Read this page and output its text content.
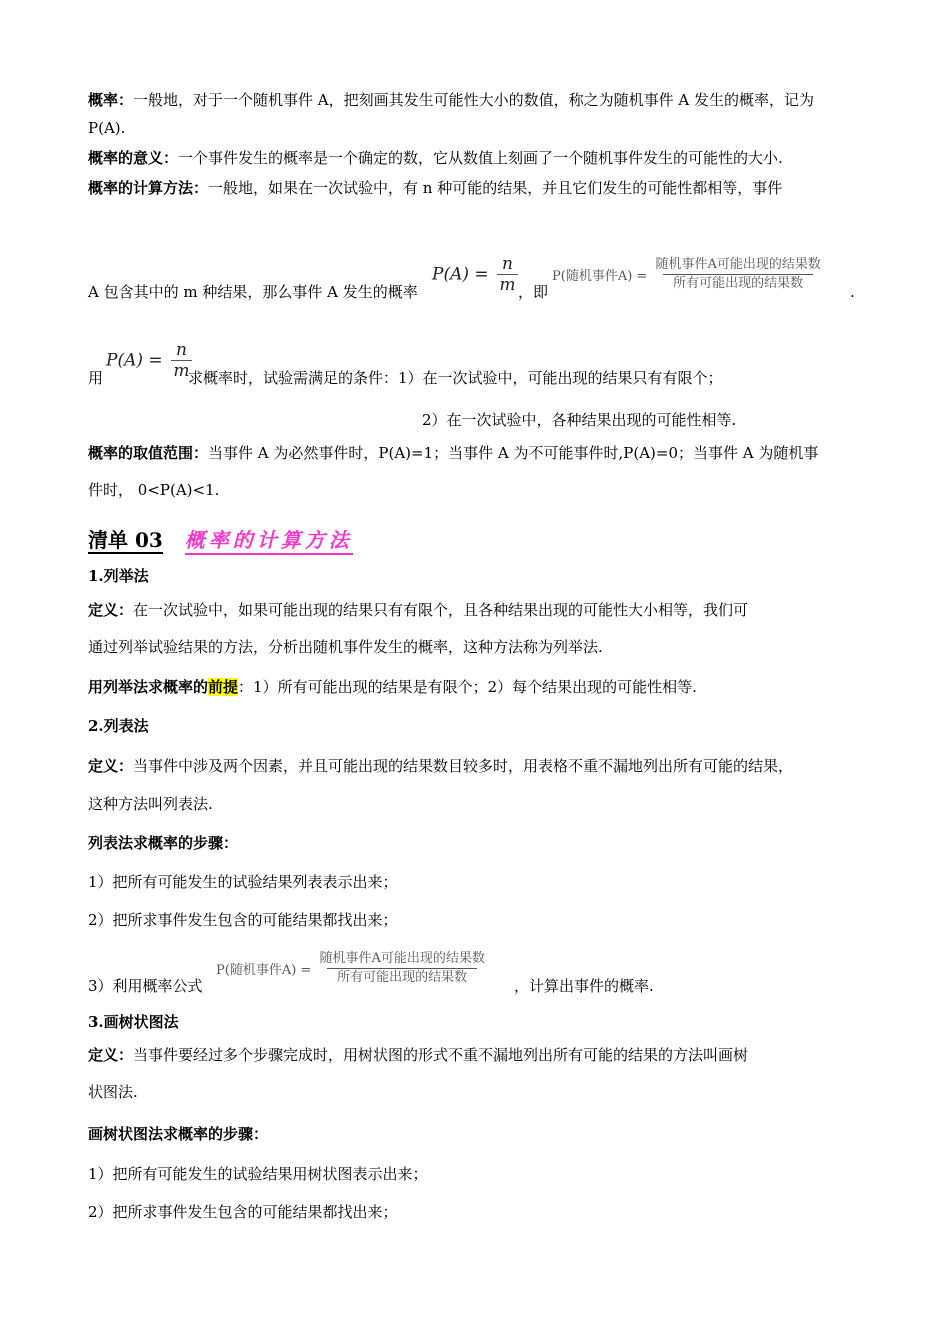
概率：一般地，对于一个随机事件 A，把刻画其发生可能性大小的数值，称之为随机事件 A 发生的概率，记为
P(A).
概率的意义：一个事件发生的概率是一个确定的数，它从数值上刻画了一个随机事件发生的可能性的大小.
概率的计算方法：一般地，如果在一次试验中，有 n 种可能的结果，并且它们发生的可能性都相等，事件
A 包含其中的 m 种结果，那么事件 A 发生的概率
$P(A) = \frac{n}{m}$ ，即
P(随机事件$A) = \frac{\text{随机事件A可能出现的结果数}}{\text{所有可能出现的结果数}}$ .
用
$P(A) = \frac{n}{m}$
求概率时，试验需满足的条件：1）在一次试验中，可能出现的结果只有有限个；
2）在一次试验中，各种结果出现的可能性相等.
概率的取值范围：当事件 A 为必然事件时，P(A)=1；当事件 A 为不可能事件时,P(A)=0；当事件 A 为随机事
件时， 0<P(A)<1.
清单 03 概率的计算方法
1.列举法
定义：在一次试验中，如果可能出现的结果只有有限个，且各种结果出现的可能性大小相等，我们可
通过列举试验结果的方法，分析出随机事件发生的概率，这种方法称为列举法.
用列举法求概率的前提：1）所有可能出现的结果是有限个；2）每个结果出现的可能性相等.
2.列表法
定义：当事件中涉及两个因素，并且可能出现的结果数目较多时，用表格不重不漏地列出所有可能的结果，
这种方法叫列表法.
列表法求概率的步骤：
1）把所有可能发生的试验结果列表表示出来；
2）把所求事件发生包含的可能结果都找出来；
3）利用概率公式
P(随机事件$A) = \frac{\text{随机事件A可能出现的结果数}}{\text{所有可能出现的结果数}}$ ，计算出事件的概率.
3.画树状图法
定义：当事件要经过多个步骤完成时，用树状图的形式不重不漏地列出所有可能的结果的方法叫画树
状图法.
画树状图法求概率的步骤：
1）把所有可能发生的试验结果用树状图表示出来；
2）把所求事件发生包含的可能结果都找出来；
